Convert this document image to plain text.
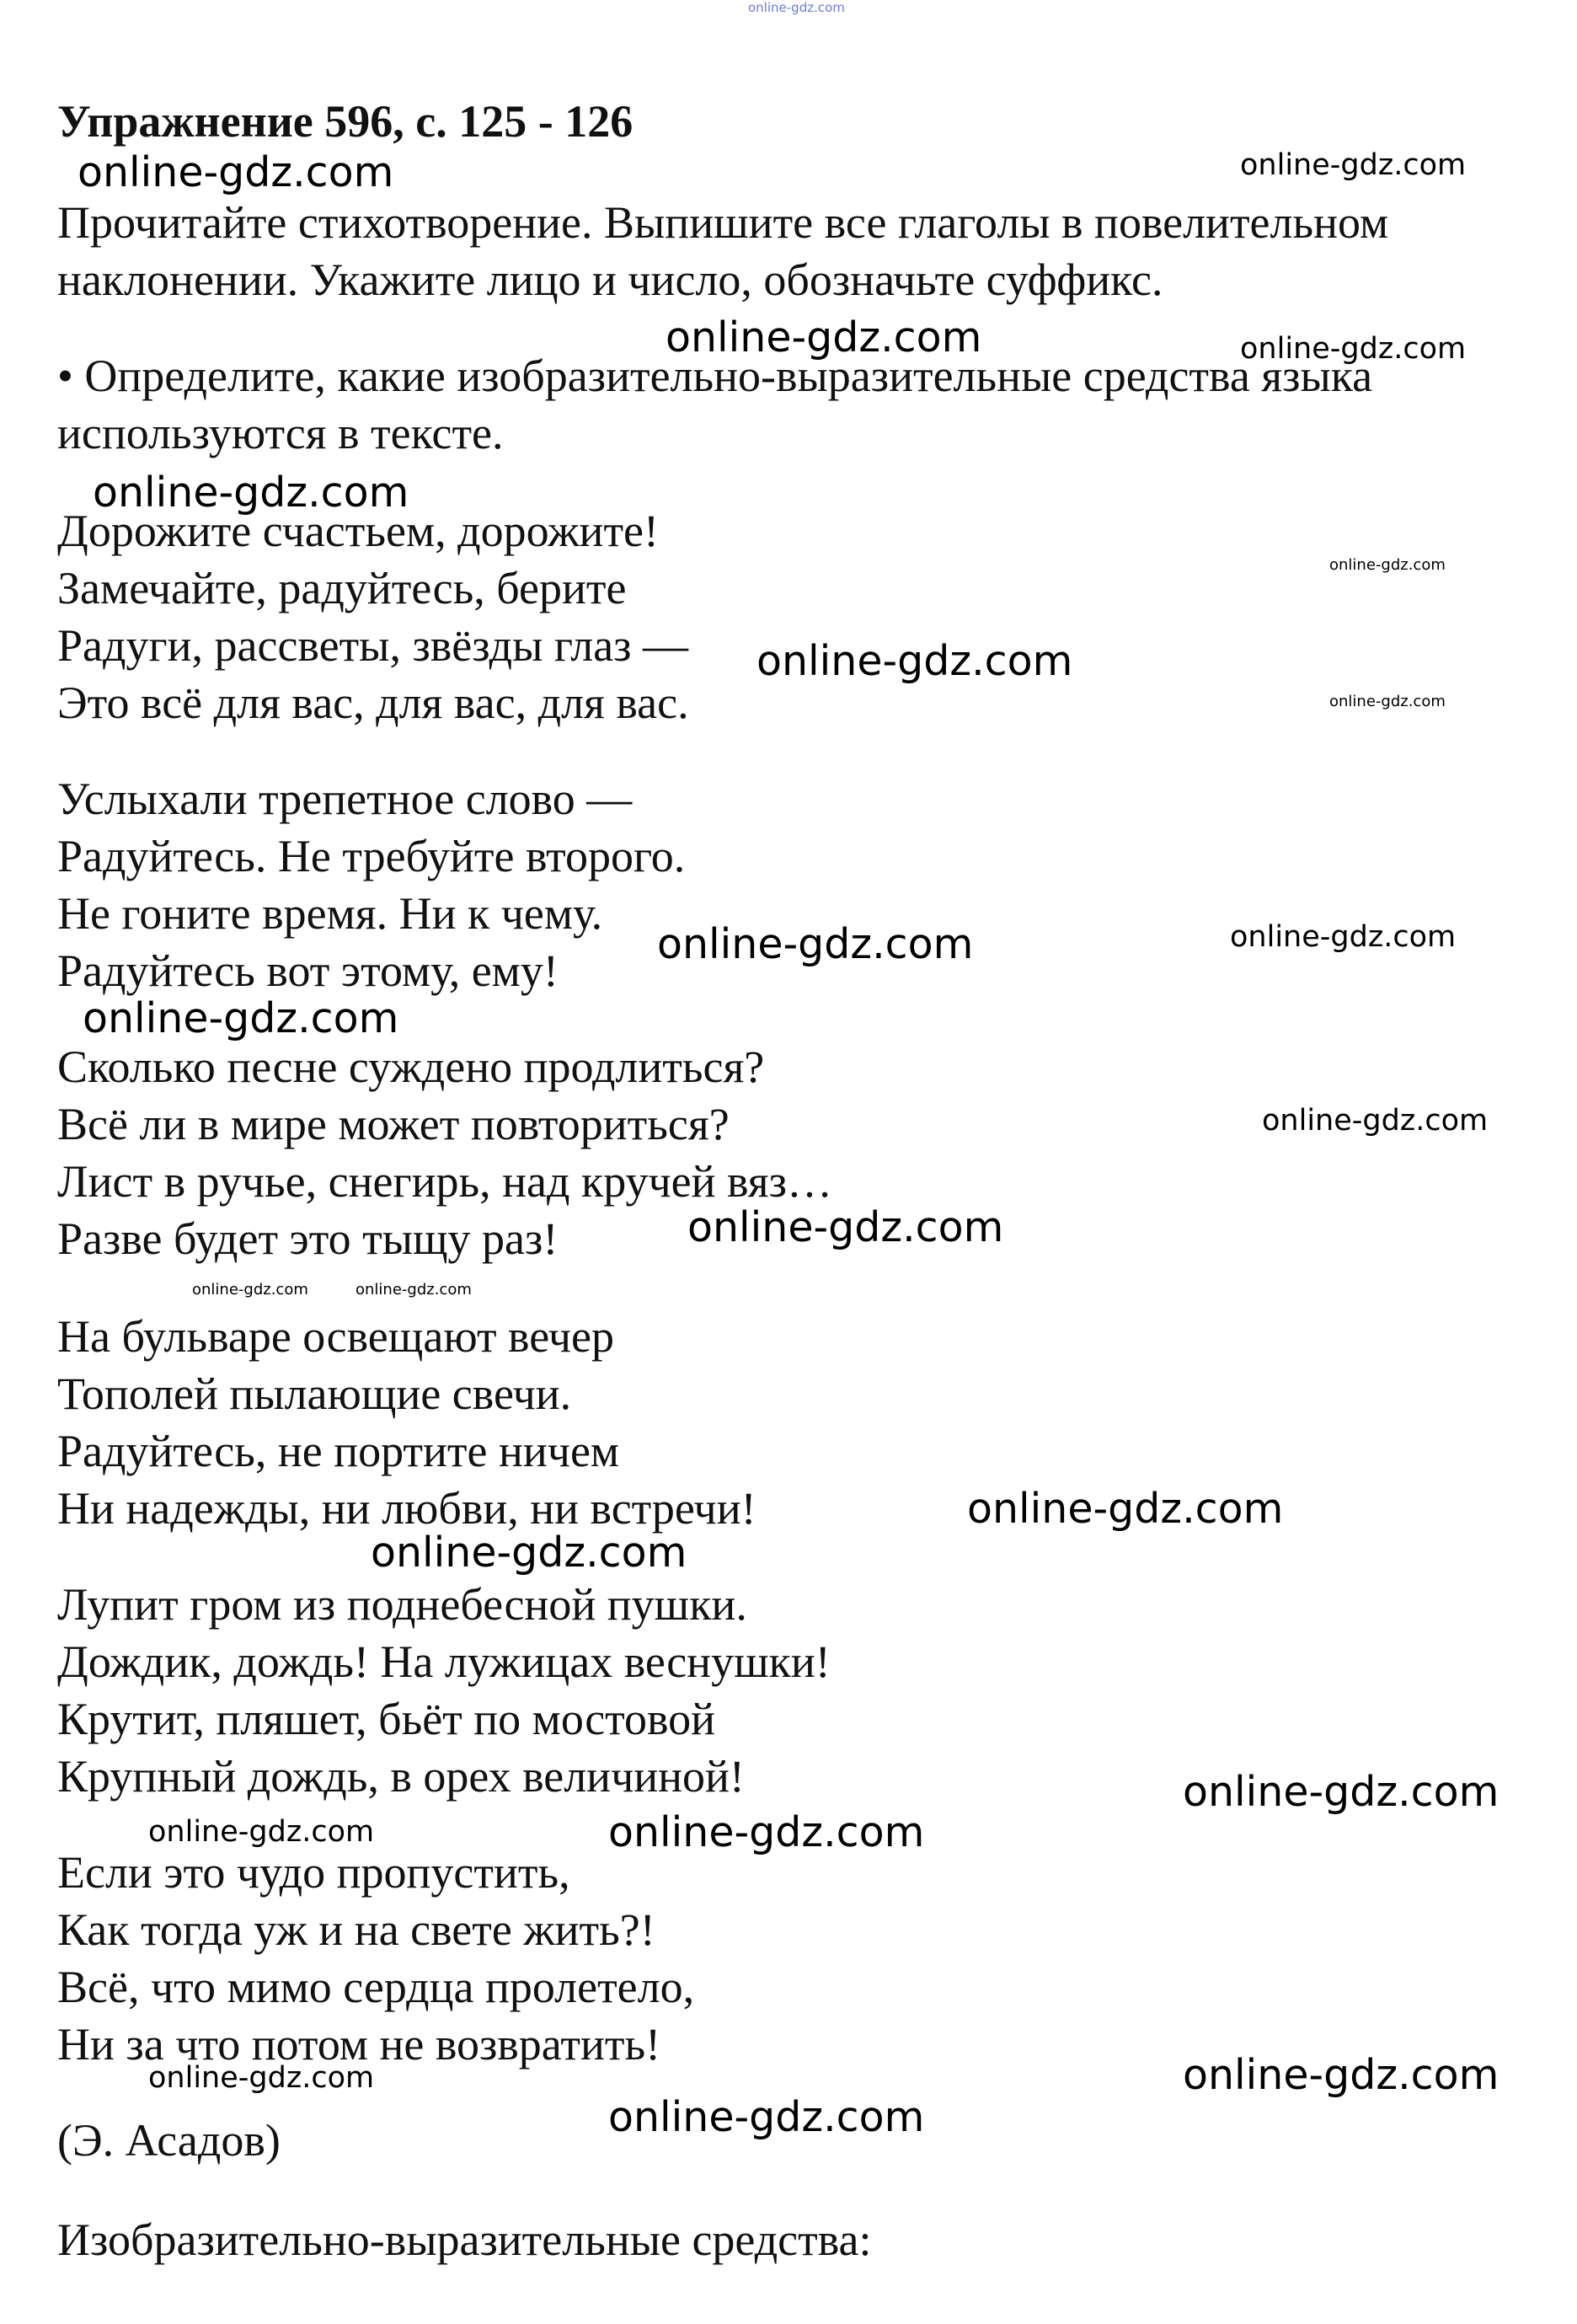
online-gdz.com
Упражнение 596, с. 125 - 126
Прочитайте стихотворение. Выпишите все глаголы в повелительном
наклонении. Укажите лицо и число, обозначьте суффикс.
• Определите, какие изобразительно-выразительные средства языка
используются в тексте.
Дорожите счастьем, дорожите!
Замечайте, радуйтесь, берите
Радуги, рассветы, звёзды глаз —
Это всё для вас, для вас, для вас.
Услыхали трепетное слово —
Радуйтесь. Не требуйте второго.
Не гоните время. Ни к чему.
Радуйтесь вот этому, ему!
Сколько песне суждено продлиться?
Всё ли в мире может повториться?
Лист в ручье, снегирь, над кручей вяз…
Разве будет это тыщу раз!
На бульваре освещают вечер
Тополей пылающие свечи.
Радуйтесь, не портите ничем
Ни надежды, ни любви, ни встречи!
Лупит гром из поднебесной пушки.
Дождик, дождь! На лужицах веснушки!
Крутит, пляшет, бьёт по мостовой
Крупный дождь, в орех величиной!
Если это чудо пропустить,
Как тогда уж и на свете жить?!
Всё, что мимо сердца пролетело,
Ни за что потом не возвратить!
(Э. Асадов)
Изобразительно-выразительные средства:
online-gdz.com	online-gdz.com
online-gdz.com	online-gdz.com
online-gdz.com
online-gdz.com
online-gdz.com
online-gdz.com
online-gdz.com	online-gdz.com
online-gdz.com
online-gdz.com
online-gdz.com
online-gdz.com	online-gdz.com
online-gdz.com
online-gdz.com
online-gdz.com
online-gdz.com	online-gdz.com
online-gdz.com	online-gdz.com
online-gdz.com
